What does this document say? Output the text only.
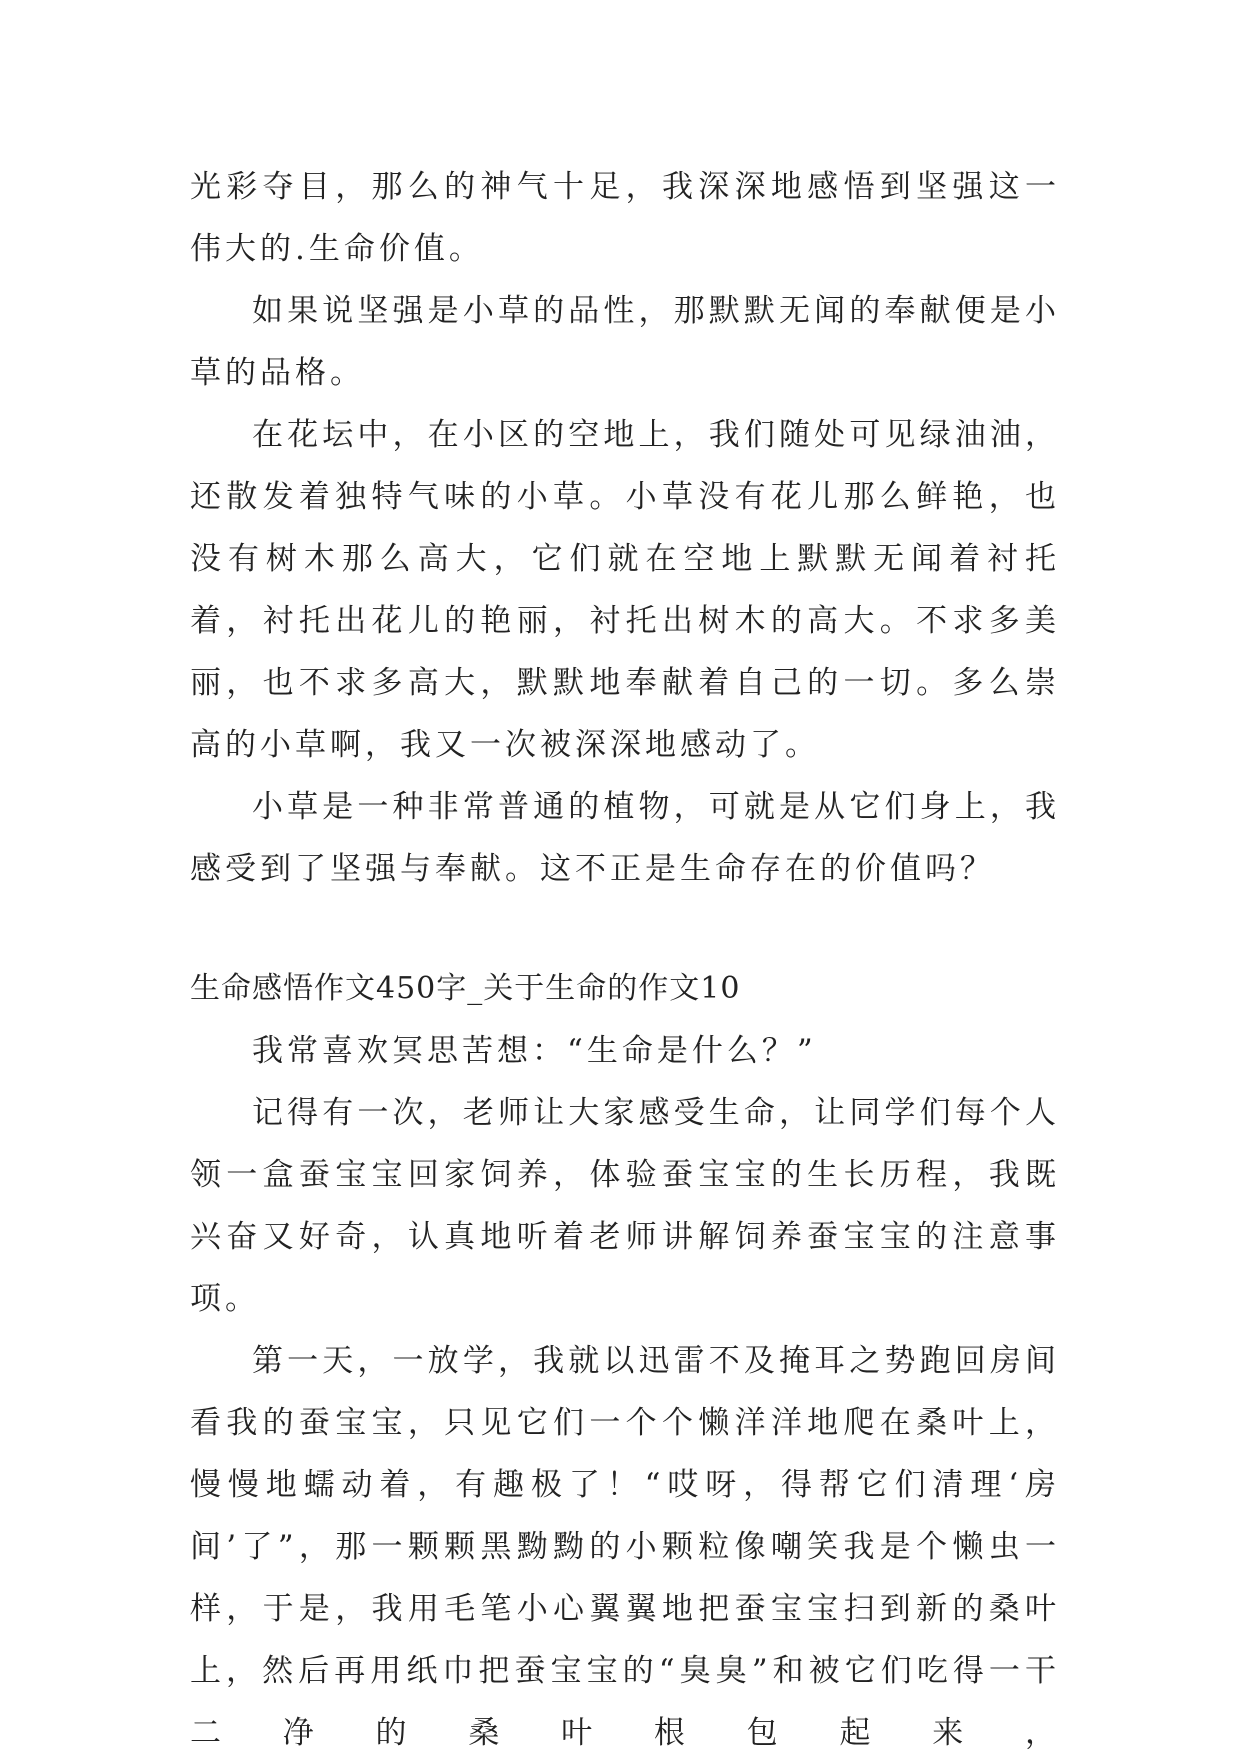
光彩夺目，那么的神气十足，我深深地感悟到坚强这一伟大的.生命价值。

如果说坚强是小草的品性，那默默无闻的奉献便是小草的品格。

在花坛中，在小区的空地上，我们随处可见绿油油，还散发着独特气味的小草。小草没有花儿那么鲜艳，也没有树木那么高大，它们就在空地上默默无闻着衬托着，衬托出花儿的艳丽，衬托出树木的高大。不求多美丽，也不求多高大，默默地奉献着自己的一切。多么崇高的小草啊，我又一次被深深地感动了。

小草是一种非常普通的植物，可就是从它们身上，我感受到了坚强与奉献。这不正是生命存在的价值吗？

生命感悟作文450字_关于生命的作文10

我常喜欢冥思苦想：“生命是什么？”

记得有一次，老师让大家感受生命，让同学们每个人领一盒蚕宝宝回家饲养，体验蚕宝宝的生长历程，我既兴奋又好奇，认真地听着老师讲解饲养蚕宝宝的注意事项。

第一天，一放学，我就以迅雷不及掩耳之势跑回房间看我的蚕宝宝，只见它们一个个懒洋洋地爬在桑叶上，慢慢地蠕动着，有趣极了！“哎呀，得帮它们清理‘房间’了”，那一颗颗黑黝黝的小颗粒像嘲笑我是个懒虫一样，于是，我用毛笔小心翼翼地把蚕宝宝扫到新的桑叶上，然后再用纸巾把蚕宝宝的“臭臭”和被它们吃得一干二净的桑叶根包起来，
